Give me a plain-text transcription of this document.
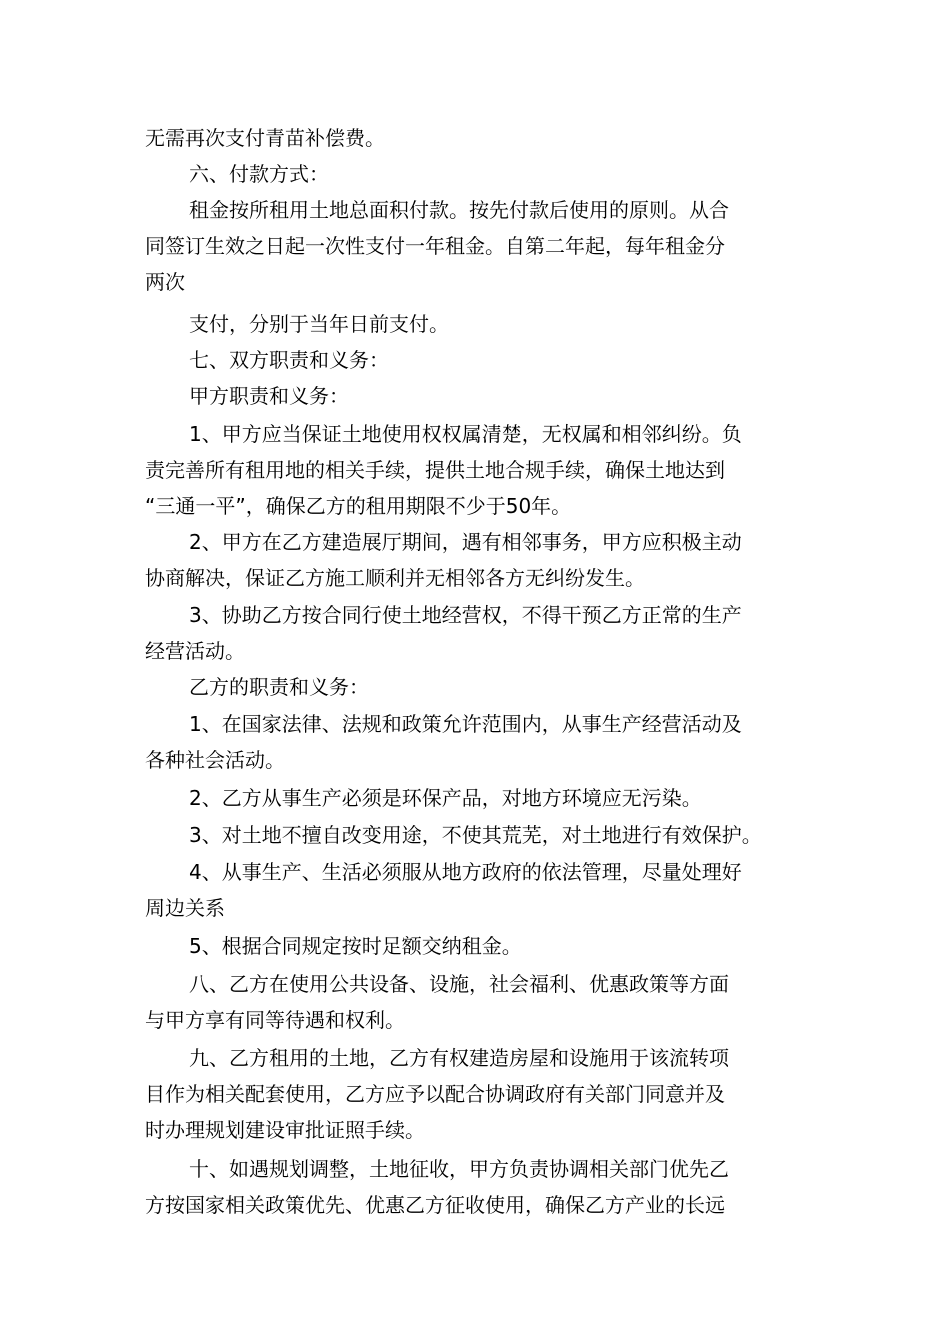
无需再次支付青苗补偿费。

六、付款方式：

租金按所租用土地总面积付款。按先付款后使用的原则。从合

同签订生效之日起一次性支付一年租金。自第二年起，每年租金分

两次

支付，分别于当年日前支付。

七、双方职责和义务：

甲方职责和义务：

1、甲方应当保证土地使用权权属清楚，无权属和相邻纠纷。负

责完善所有租用地的相关手续，提供土地合规手续，确保土地达到

“三通一平”，确保乙方的租用期限不少于50年。

2、甲方在乙方建造展厅期间，遇有相邻事务，甲方应积极主动

协商解决，保证乙方施工顺利并无相邻各方无纠纷发生。

3、协助乙方按合同行使土地经营权，不得干预乙方正常的生产

经营活动。

乙方的职责和义务：

1、在国家法律、法规和政策允许范围内，从事生产经营活动及

各种社会活动。

2、乙方从事生产必须是环保产品，对地方环境应无污染。

3、对土地不擅自改变用途，不使其荒芜，对土地进行有效保护。

4、从事生产、生活必须服从地方政府的依法管理，尽量处理好

周边关系

5、根据合同规定按时足额交纳租金。

八、乙方在使用公共设备、设施，社会福利、优惠政策等方面

与甲方享有同等待遇和权利。

九、乙方租用的土地，乙方有权建造房屋和设施用于该流转项

目作为相关配套使用，乙方应予以配合协调政府有关部门同意并及

时办理规划建设审批证照手续。

十、如遇规划调整，土地征收，甲方负责协调相关部门优先乙

方按国家相关政策优先、优惠乙方征收使用，确保乙方产业的长远
